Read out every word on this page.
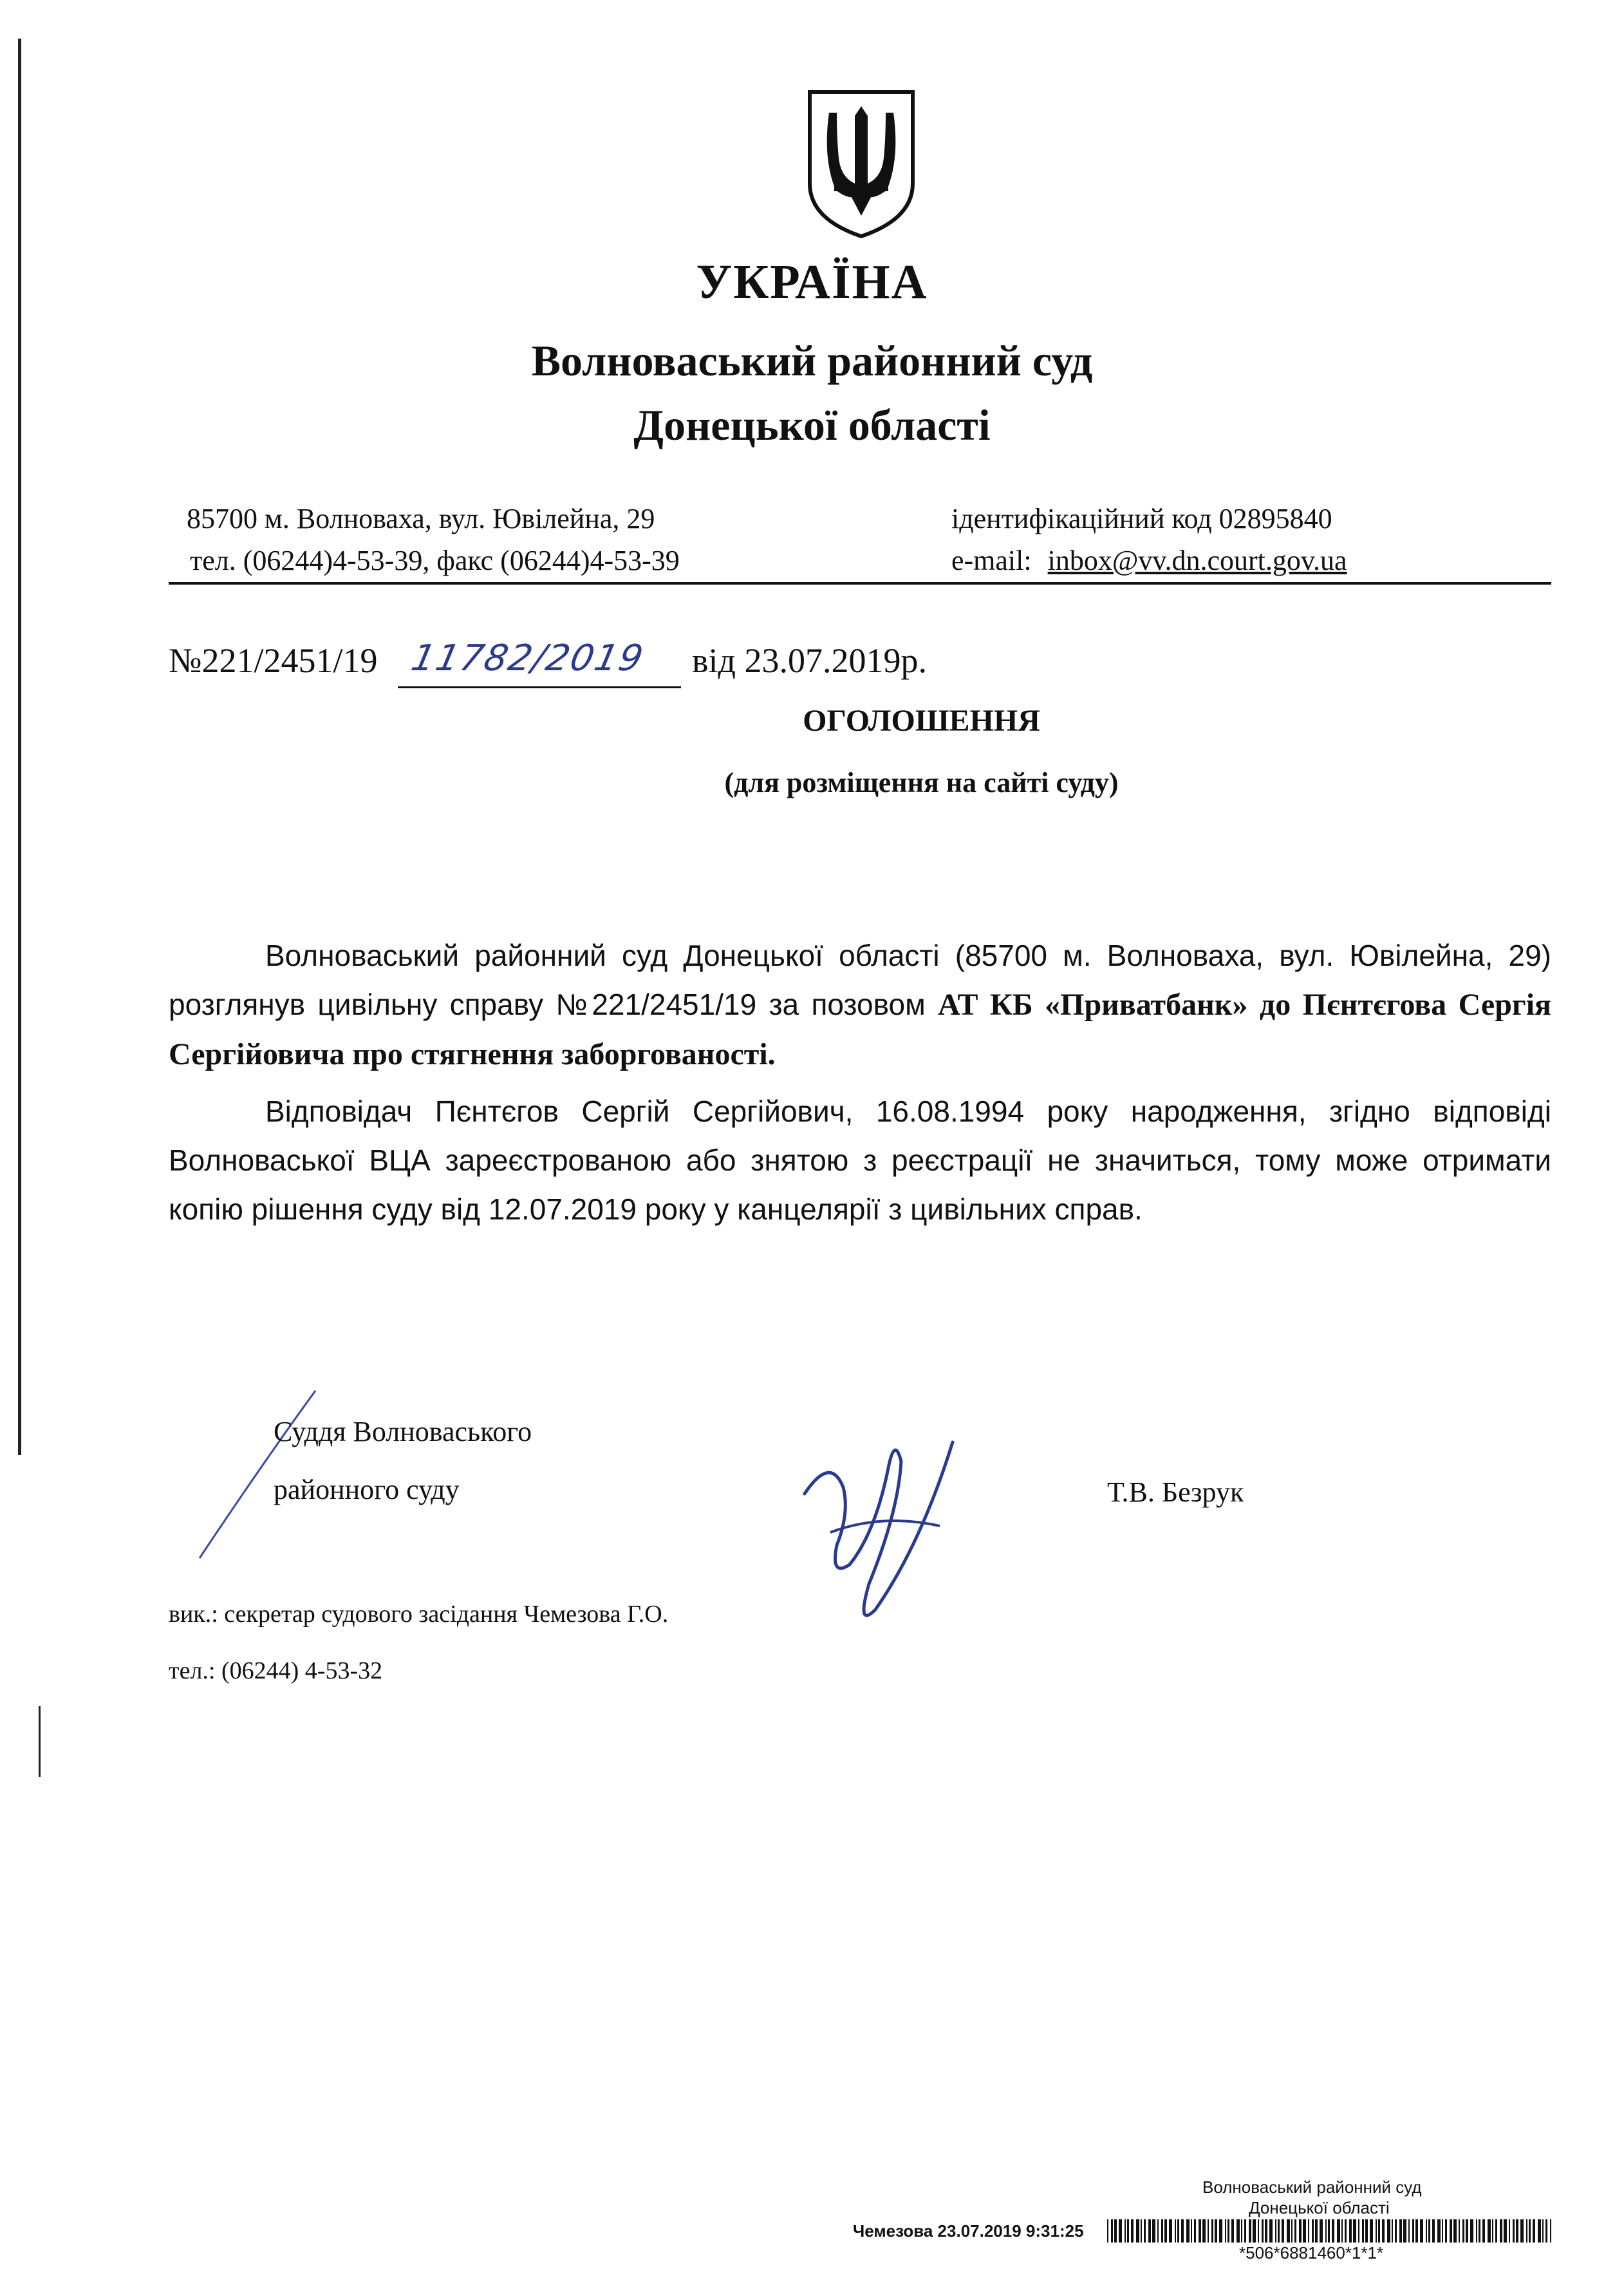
УКРАЇНА
Волноваський районний суд
Донецької області
85700 м. Волноваха, вул. Ювілейна, 29
тел. (06244)4-53-39, факс (06244)4-53-39
ідентифікаційний код 02895840
e-mail: inbox@vv.dn.court.gov.ua
№221/2451/19 11782/2019 від 23.07.2019р.
ОГОЛОШЕННЯ
(для розміщення на сайті суду)
Волноваський районний суд Донецької області (85700 м. Волноваха, вул. Ювілейна, 29) розглянув цивільну справу №221/2451/19 за позовом АТ КБ «Приватбанк» до Пєнтєгова Сергія Сергійовича про стягнення заборгованості.
Відповідач Пєнтєгов Сергій Сергійович, 16.08.1994 року народження, згідно відповіді Волноваської ВЦА зареєстрованою або знятою з реєстрації не значиться, тому може отримати копію рішення суду від 12.07.2019 року у канцелярії з цивільних справ.
Суддя Волноваського
районного суду	Т.В. Безрук
вик.: секретар судового засідання Чемезова Г.О.
тел.: (06244) 4-53-32
Волноваський районний суд
Донецької області
Чемезова 23.07.2019 9:31:25
*506*6881460*1*1*
